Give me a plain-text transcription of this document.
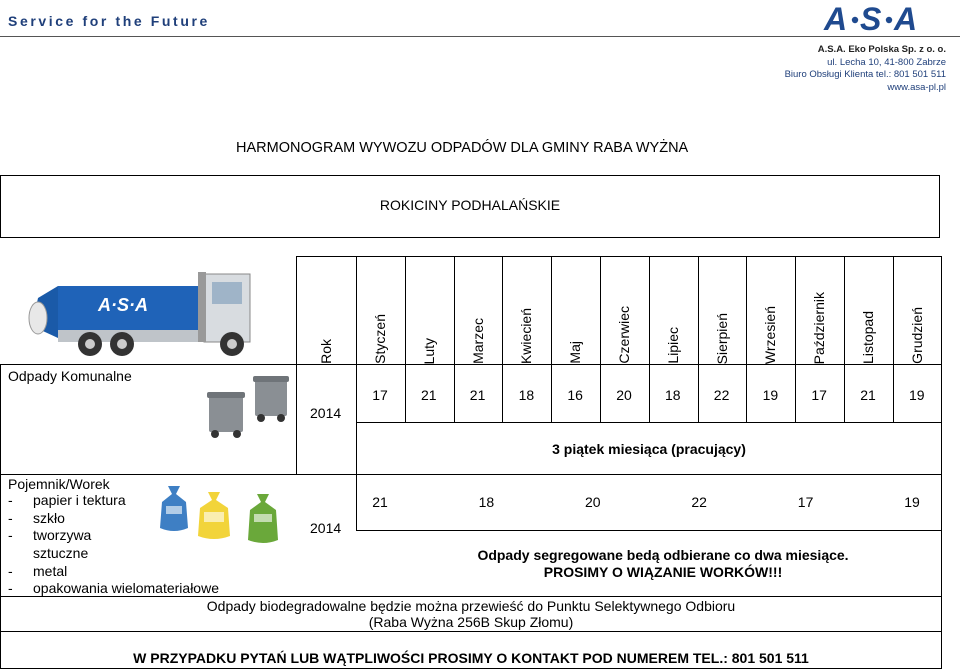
Service for the Future	A S A
A.S.A. Eko Polska Sp. z o. o.
ul. Lecha 10, 41-800 Zabrze
Biuro Obsługi Klienta tel.: 801 501 511
www.asa-pl.pl
HARMONOGRAM WYWOZU ODPADÓW DLA GMINY RABA WYŻNA
ROKICINY PODHALAŃSKIE
A·S·A
Rok	Styczeń Luty Marzec Kwiecień Maj Czerwiec Lipiec Sierpień Wrzesień Październik Listopad Grudzień
Odpady Komunalne
2014
17	21	21	18	16	20	18	22	19	17	21	19
3 piątek miesiąca (pracujący)
Pojemnik/Worek
- papier i tektura
- szkło
- tworzywa
sztuczne
- metal
- opakowania wielomateriałowe
2014
21	18	20	22	17	19
Odpady segregowane bedą odbierane co dwa miesiące.
PROSIMY O WIĄZANIE WORKÓW!!!
Odpady biodegradowalne będzie można przewieść do Punktu Selektywnego Odbioru
(Raba Wyżna 256B Skup Złomu)
W PRZYPADKU PYTAŃ LUB WĄTPLIWOŚCI PROSIMY O KONTAKT POD NUMEREM TEL.: 801 501 511
